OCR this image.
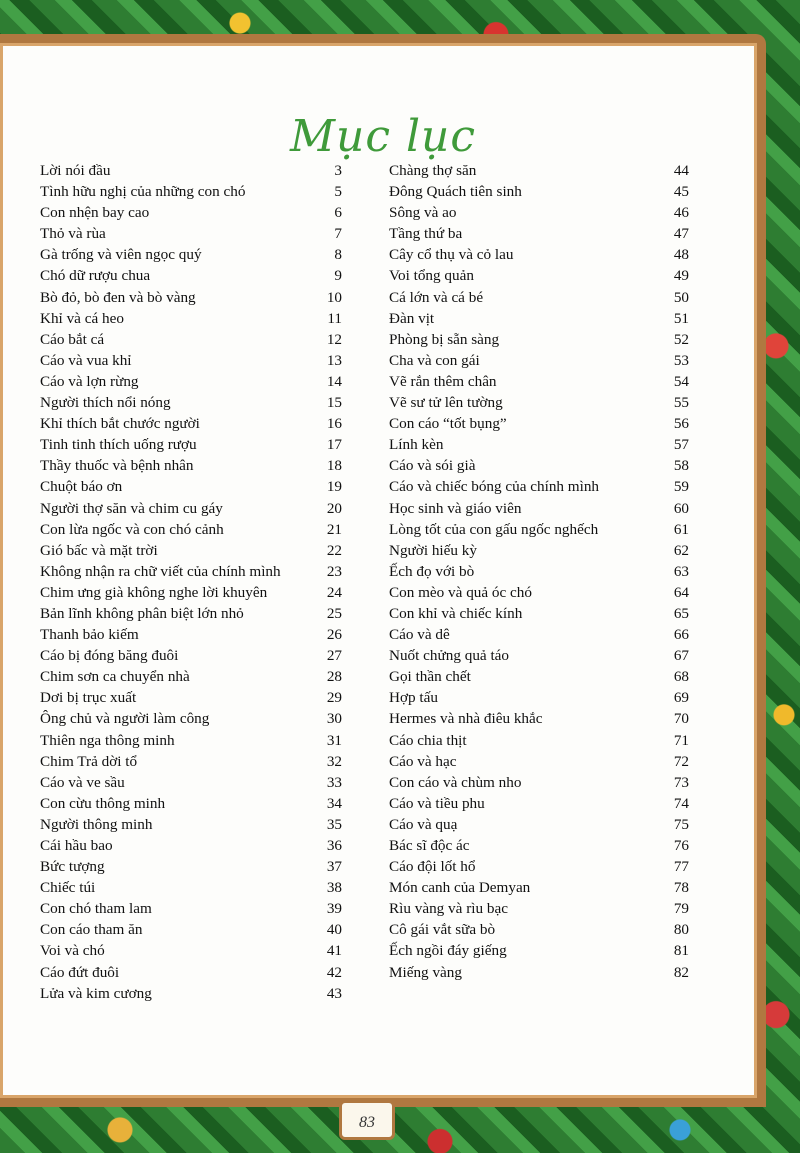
Mục lục
Lời nói đầu	3
Tình hữu nghị của những con chó	5
Con nhện bay cao	6
Thỏ và rùa	7
Gà trống và viên ngọc quý	8
Chó dữ rượu chua	9
Bò đỏ, bò đen và bò vàng	10
Khỉ và cá heo	11
Cáo bắt cá	12
Cáo và vua khỉ	13
Cáo và lợn rừng	14
Người thích nổi nóng	15
Khỉ thích bắt chước người	16
Tinh tinh thích uống rượu	17
Thầy thuốc và bệnh nhân	18
Chuột báo ơn	19
Người thợ săn và chim cu gáy	20
Con lừa ngốc và con chó cảnh	21
Gió bấc và mặt trời	22
Không nhận ra chữ viết của chính mình	23
Chim ưng già không nghe lời khuyên	24
Bản lĩnh không phân biệt lớn nhỏ	25
Thanh bảo kiếm	26
Cáo bị đóng băng đuôi	27
Chim sơn ca chuyển nhà	28
Dơi bị trục xuất	29
Ông chủ và người làm công	30
Thiên nga thông minh	31
Chim Trả dời tổ	32
Cáo và ve sầu	33
Con cừu thông minh	34
Người thông minh	35
Cái hầu bao	36
Bức tượng	37
Chiếc túi	38
Con chó tham lam	39
Con cáo tham ăn	40
Voi và chó	41
Cáo đứt đuôi	42
Lửa và kim cương	43
Chàng thợ săn	44
Đông Quách tiên sinh	45
Sông và ao	46
Tầng thứ ba	47
Cây cổ thụ và cỏ lau	48
Voi tổng quản	49
Cá lớn và cá bé	50
Đàn vịt	51
Phòng bị sẵn sàng	52
Cha và con gái	53
Vẽ rắn thêm chân	54
Vẽ sư tử lên tường	55
Con cáo “tốt bụng”	56
Lính kèn	57
Cáo và sói già	58
Cáo và chiếc bóng của chính mình	59
Học sinh và giáo viên	60
Lòng tốt của con gấu ngốc nghếch	61
Người hiếu kỳ	62
Ếch đọ với bò	63
Con mèo và quả óc chó	64
Con khỉ và chiếc kính	65
Cáo và dê	66
Nuốt chửng quả táo	67
Gọi thần chết	68
Hợp tấu	69
Hermes và nhà điêu khắc	70
Cáo chia thịt	71
Cáo và hạc	72
Con cáo và chùm nho	73
Cáo và tiều phu	74
Cáo và quạ	75
Bác sĩ độc ác	76
Cáo đội lốt hổ	77
Món canh của Demyan	78
Rìu vàng và rìu bạc	79
Cô gái vắt sữa bò	80
Ếch ngồi đáy giếng	81
Miếng vàng	82
83
